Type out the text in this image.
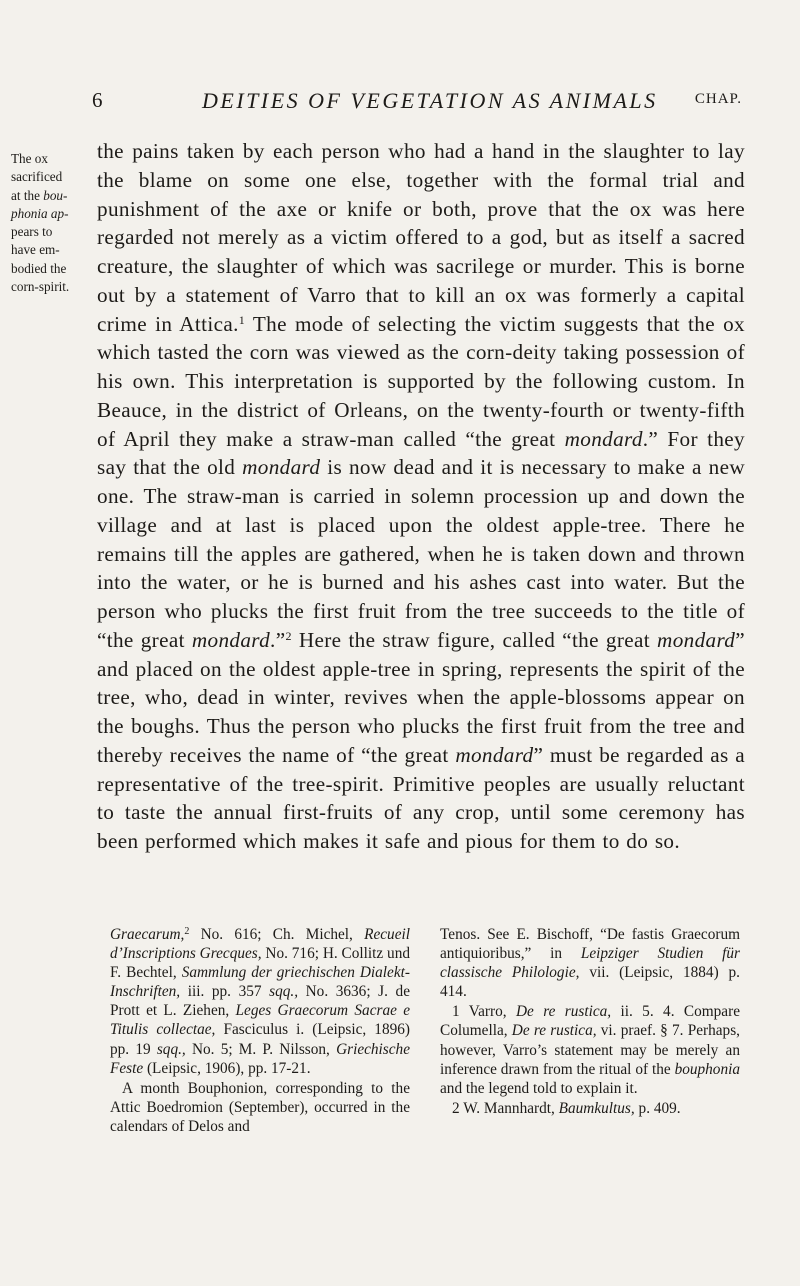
6	DEITIES OF VEGETATION AS ANIMALS CHAP.
The ox
sacrificed
at the bou-
phonia ap-
pears to
have em-
bodied the
corn-spirit.

the pains taken by each person who had a hand in the slaughter to lay the blame on some one else, together with the formal trial and punishment of the axe or knife or both, prove that the ox was here regarded not merely as a victim offered to a god, but as itself a sacred creature, the slaughter of which was sacrilege or murder. This is borne out by a statement of Varro that to kill an ox was formerly a capital crime in Attica.$^1$ The mode of selecting the victim suggests that the ox which tasted the corn was viewed as the corn-deity taking possession of his own. This interpretation is supported by the following custom. In Beauce, in the district of Orleans, on the twenty-fourth or twenty-fifth of April they make a straw-man called “the great mondard.” For they say that the old mondard is now dead and it is necessary to make a new one. The straw-man is carried in solemn procession up and down the village and at last is placed upon the oldest apple-tree. There he remains till the apples are gathered, when he is taken down and thrown into the water, or he is burned and his ashes cast into water. But the person who plucks the first fruit from the tree succeeds to the title of “the great mondard.”$^2$ Here the straw figure, called “the great mondard” and placed on the oldest apple-tree in spring, represents the spirit of the tree, who, dead in winter, revives when the apple-blossoms appear on the boughs. Thus the person who plucks the first fruit from the tree and thereby receives the name of “the great mondard” must be regarded as a representative of the tree-spirit. Primitive peoples are usually reluctant to taste the annual first-fruits of any crop, until some ceremony has been performed which makes it safe and pious for them to do so.

Graecarum,$^2$ No. 616; Ch. Michel, Recueil d’Inscriptions Grecques, No. 716; H. Collitz und F. Bechtel, Sammlung der griechischen Dialekt-Inschriften, iii. pp. 357 sqq., No. 3636; J. de Prott et L. Ziehen, Leges Graecorum Sacrae e Titulis collectae, Fasciculus i. (Leipsic, 1896) pp. 19 sqq., No. 5; M. P. Nilsson, Griechische Feste (Leipsic, 1906), pp. 17-21.

A month Bouphonion, corresponding to the Attic Boedromion (September), occurred in the calendars of Delos and

Tenos. See E. Bischoff, “De fastis Graecorum antiquioribus,” in Leipziger Studien für classische Philologie, vii. (Leipsic, 1884) p. 414.

1 Varro, De re rustica, ii. 5. 4. Compare Columella, De re rustica, vi. praef. § 7. Perhaps, however, Varro’s statement may be merely an inference drawn from the ritual of the bouphonia and the legend told to explain it.

2 W. Mannhardt, Baumkultus, p. 409.
